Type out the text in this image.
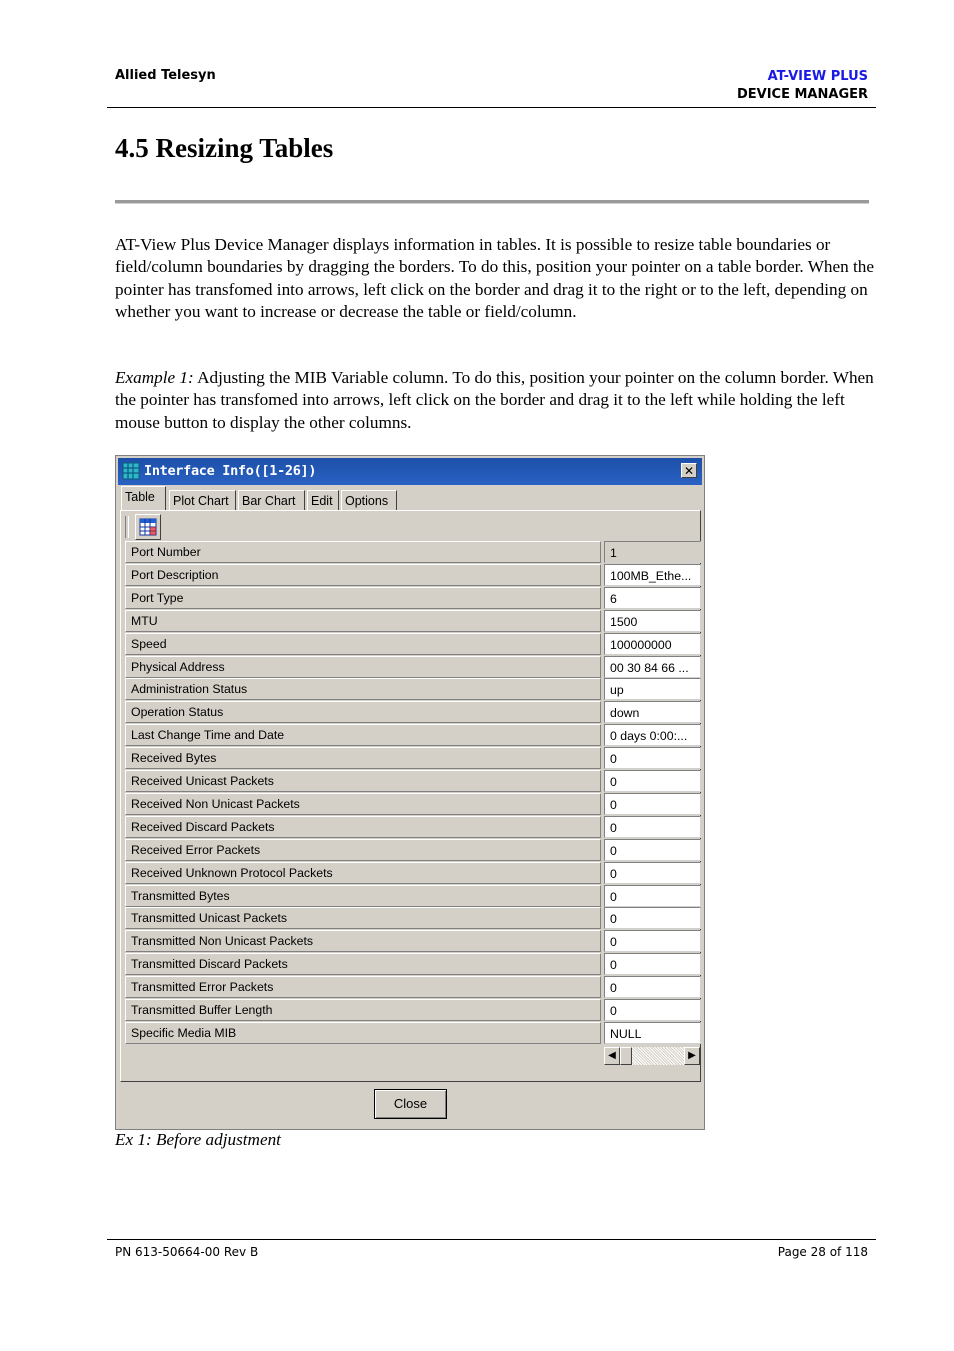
Allied Telesyn	AT-VIEW PLUS
DEVICE MANAGER
4.5 Resizing Tables

AT-View Plus Device Manager displays information in tables. It is possible to resize table boundaries or field/column boundaries by dragging the borders. To do this, position your pointer on a table border. When the pointer has transfomed into arrows, left click on the border and drag it to the right or to the left, depending on whether you want to increase or decrease the table or field/column.

Example 1: Adjusting the MIB Variable column. To do this, position your pointer on the column border. When the pointer has transfomed into arrows, left click on the border and drag it to the left while holding the left mouse button to display the other columns.

Interface Info([1-26])	✕
Table	Plot Chart	Bar Chart	Edit Options
Port Number	1
Port Description	100MB_Ethe...
Port Type	6
MTU	1500
Speed	100000000
Physical Address	00 30 84 66 ...
Administration Status	up
Operation Status	down
Last Change Time and Date	0 days 0:00:...
Received Bytes	0
Received Unicast Packets	0
Received Non Unicast Packets	0
Received Discard Packets	0
Received Error Packets	0
Received Unknown Protocol Packets	0
Transmitted Bytes	0
Transmitted Unicast Packets	0
Transmitted Non Unicast Packets	0
Transmitted Discard Packets	0
Transmitted Error Packets	0
Transmitted Buffer Length	0
Specific Media MIB	NULL
◀	▶
Close
Ex 1: Before adjustment
PN 613-50664-00 Rev B	Page 28 of 118
